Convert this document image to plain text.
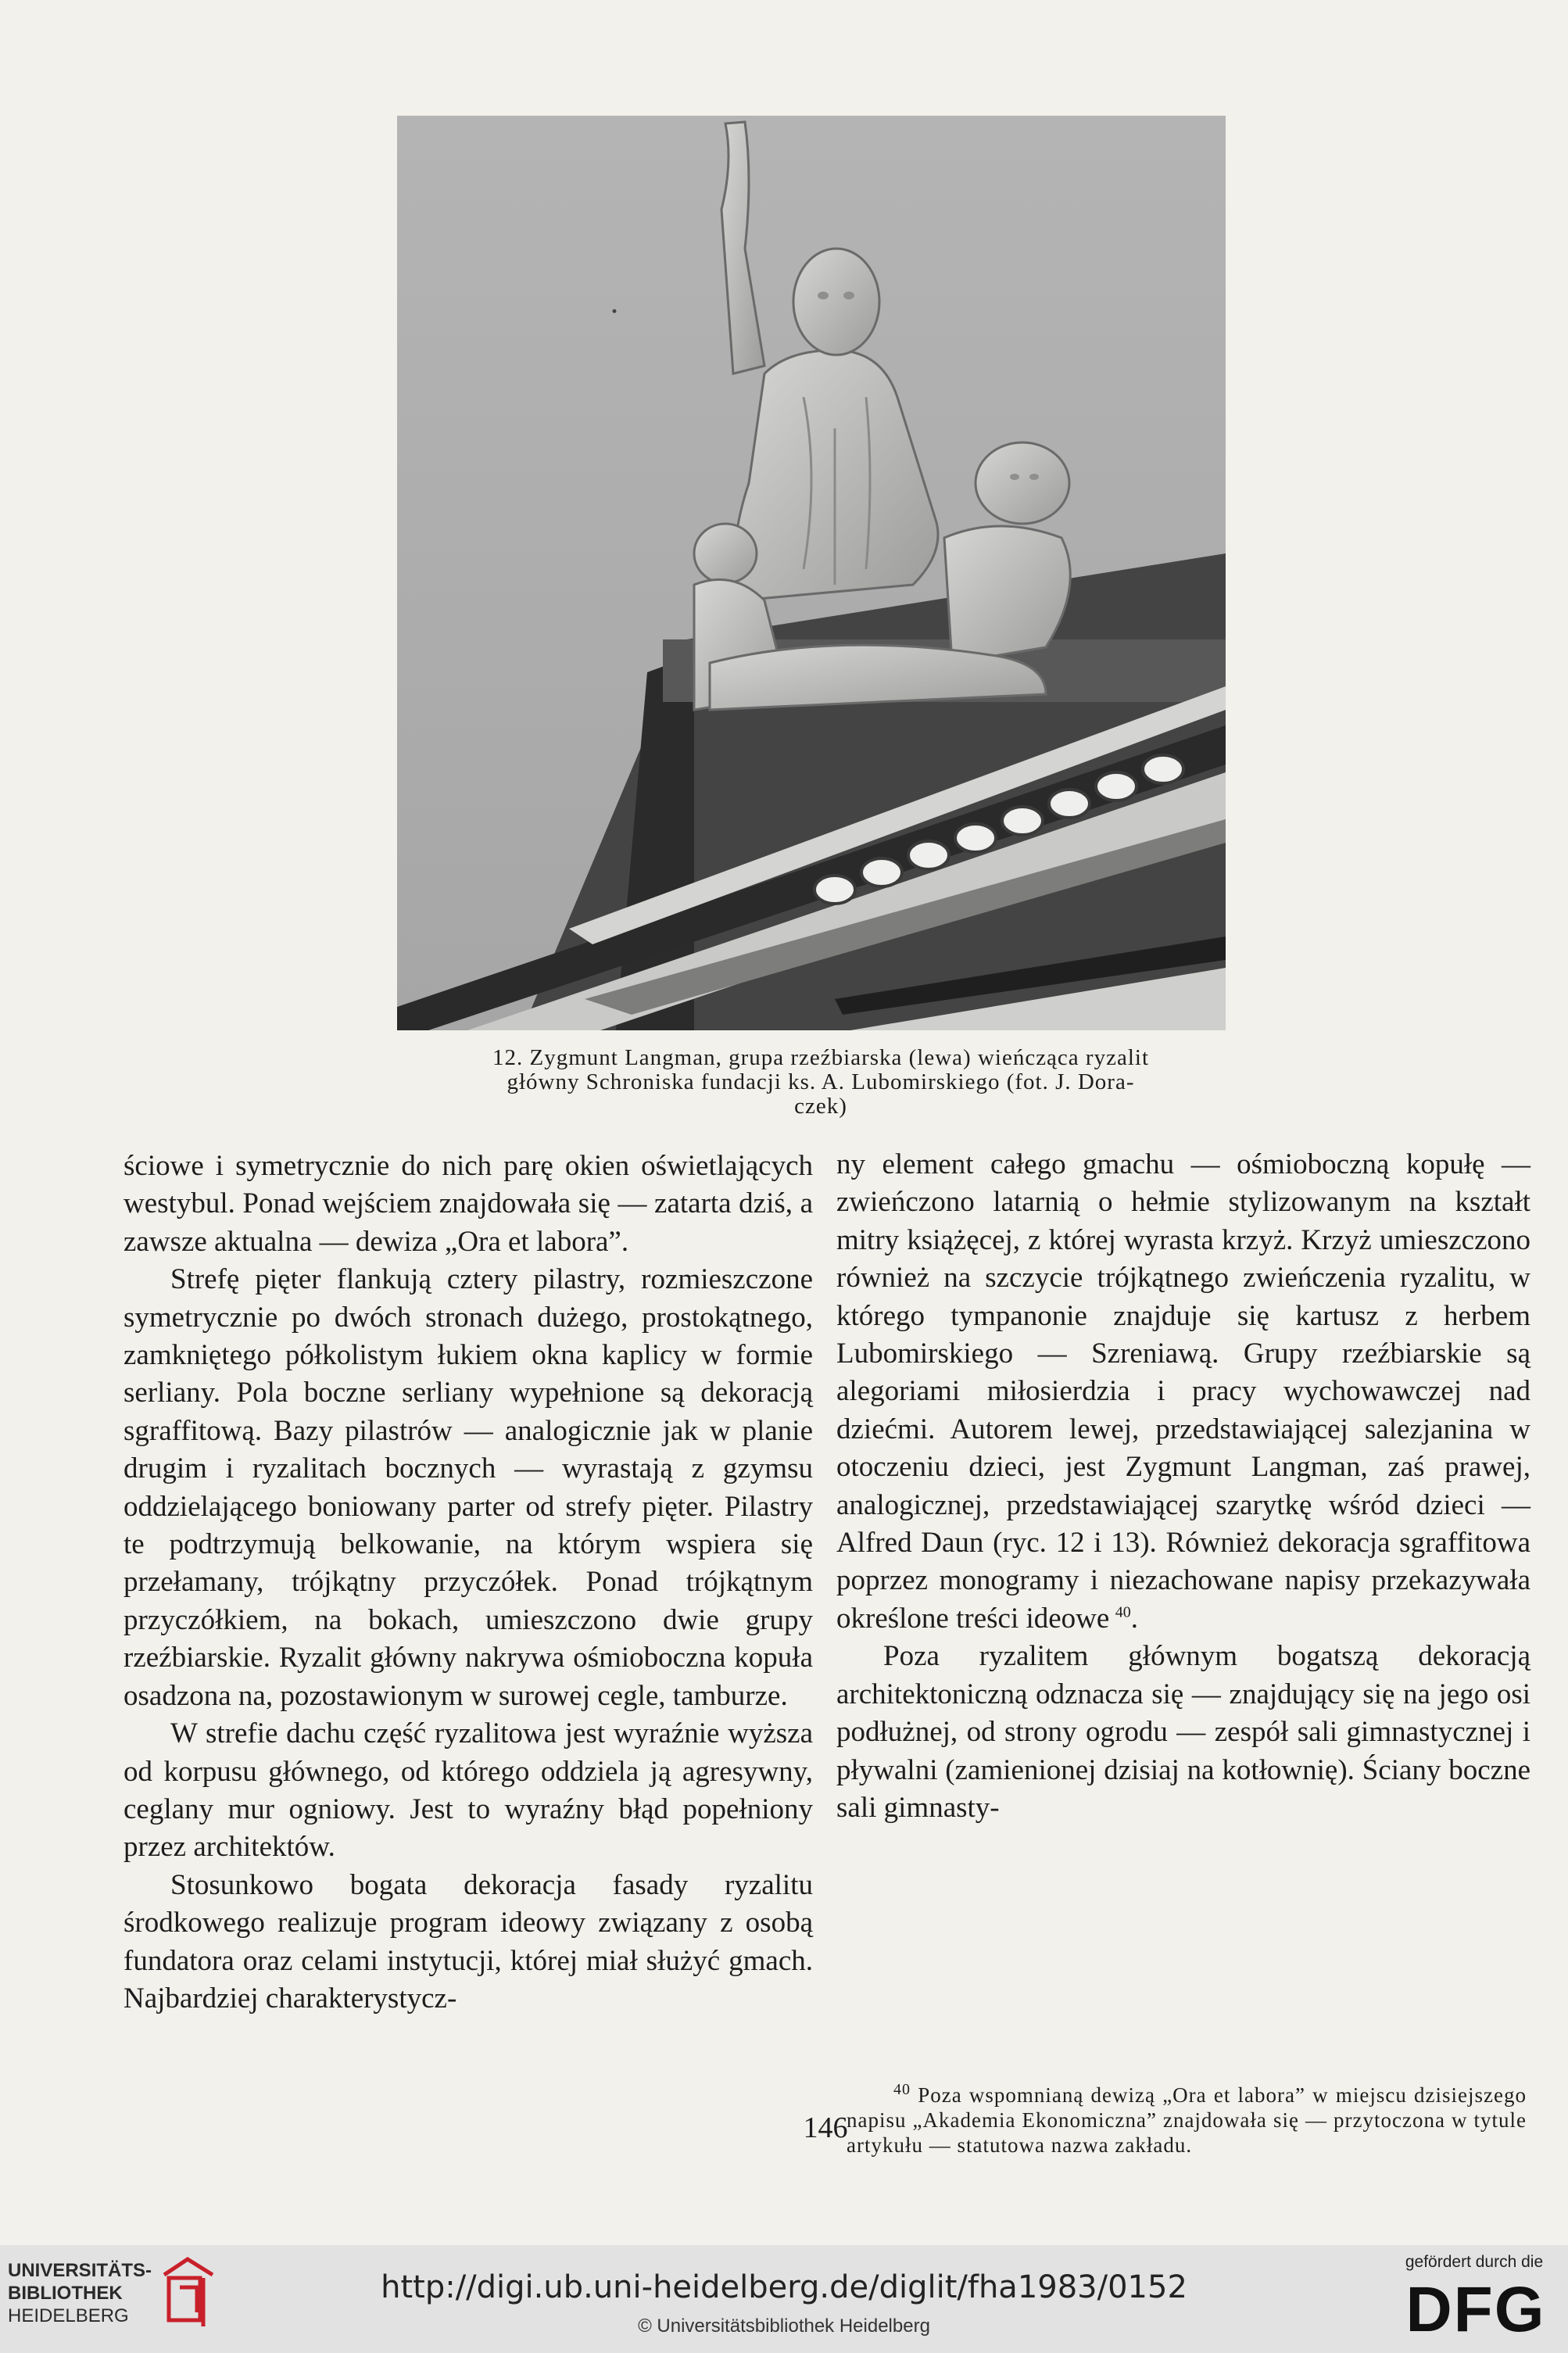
12. Zygmunt Langman, grupa rzeźbiarska (lewa) wieńcząca ryzalit
główny Schroniska fundacji ks. A. Lubomirskiego (fot. J. Dora-
czek)

ściowe i symetrycznie do nich parę okien oświetlających westybul. Ponad wejściem znajdowała się — zatarta dziś, a zawsze aktualna — dewiza „Ora et labora”.

Strefę pięter flankują cztery pilastry, rozmieszczone symetrycznie po dwóch stronach dużego, prostokątnego, zamkniętego półkolistym łukiem okna kaplicy w formie serliany. Pola boczne serliany wypełnione są dekoracją sgraffitową. Bazy pilastrów — analogicznie jak w planie drugim i ryzalitach bocznych — wyrastają z gzymsu oddzielającego boniowany parter od strefy pięter. Pilastry te podtrzymują belkowanie, na którym wspiera się przełamany, trójkątny przyczółek. Ponad trójkątnym przyczółkiem, na bokach, umieszczono dwie grupy rzeźbiarskie. Ryzalit główny nakrywa ośmioboczna kopuła osadzona na, pozostawionym w surowej cegle, tamburze.

W strefie dachu część ryzalitowa jest wyraźnie wyższa od korpusu głównego, od którego oddziela ją agresywny, ceglany mur ogniowy. Jest to wyraźny błąd popełniony przez architektów.

Stosunkowo bogata dekoracja fasady ryzalitu środkowego realizuje program ideowy związany z osobą fundatora oraz celami instytucji, której miał służyć gmach. Najbardziej charakterystycz-

ny element całego gmachu — ośmioboczną kopułę — zwieńczono latarnią o hełmie stylizowanym na kształt mitry książęcej, z której wyrasta krzyż. Krzyż umieszczono również na szczycie trójkątnego zwieńczenia ryzalitu, w którego tympanonie znajduje się kartusz z herbem Lubomirskiego — Szreniawą. Grupy rzeźbiarskie są alegoriami miłosierdzia i pracy wychowawczej nad dziećmi. Autorem lewej, przedstawiającej salezjanina w otoczeniu dzieci, jest Zygmunt Langman, zaś prawej, analogicznej, przedstawiającej szarytkę wśród dzieci — Alfred Daun (ryc. 12 i 13). Również dekoracja sgraffitowa poprzez monogramy i niezachowane napisy przekazywała określone treści ideowe  $^{40}$.

Poza ryzalitem głównym bogatszą dekoracją architektoniczną odznacza się — znajdujący się na jego osi podłużnej, od strony ogrodu — zespół sali gimnastycznej i pływalni (zamienionej dzisiaj na kotłownię). Ściany boczne sali gimnasty-

$^{40}$ Poza wspomnianą dewizą „Ora et labora” w miejscu dzisiejszego napisu „Akademia Ekonomiczna” znajdowała się — przytoczona w tytule artykułu — statutowa nazwa zakładu.
146
UNIVERSITÄTS-
BIBLIOTHEK
HEIDELBERG
http://digi.ub.uni-heidelberg.de/diglit/fha1983/0152
© Universitätsbibliothek Heidelberg
gefördert durch die
DFG
